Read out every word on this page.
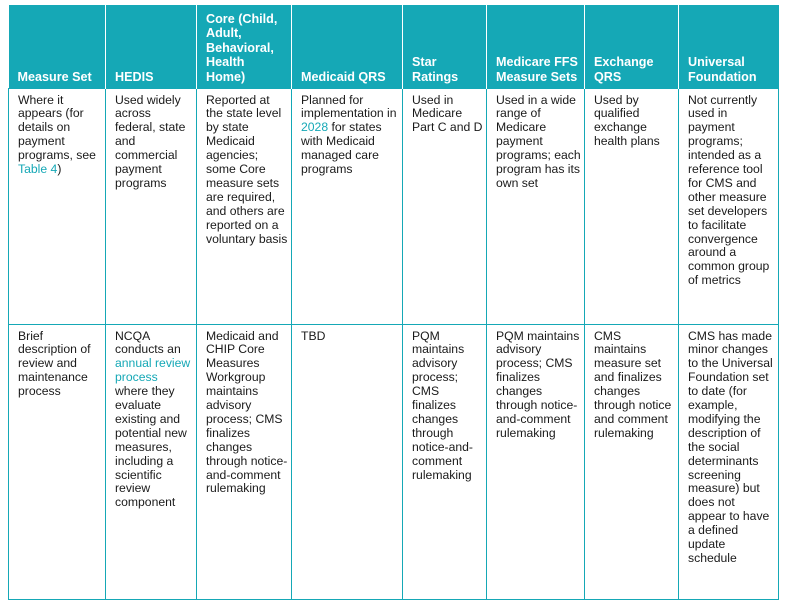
Measure Set	HEDIS	Core (Child, Adult, Behavioral, Health Home)	Medicaid QRS	Star Ratings	Medicare FFS Measure Sets	Exchange QRS	Universal Foundation
Where it appears (for details on payment programs, see Table 4)	Used widely across federal, state and commercial payment programs	Reported at the state level by state Medicaid agencies; some Core measure sets are required, and others are reported on a voluntary basis	Planned for implementation in 2028 for states with Medicaid managed care programs	Used in Medicare Part C and D	Used in a wide range of Medicare payment programs; each program has its own set	Used by qualified exchange health plans	Not currently used in payment programs; intended as a reference tool for CMS and other measure set developers to facilitate convergence around a common group of metrics
Brief description of review and maintenance process	NCQA conducts an annual review process where they evaluate existing and potential new measures, including a scientific review component	Medicaid and CHIP Core Measures Workgroup maintains advisory process; CMS finalizes changes through notice-and-comment rulemaking	TBD	PQM maintains advisory process; CMS finalizes changes through notice-and-comment rulemaking	PQM maintains advisory process; CMS finalizes changes through notice-and-comment rulemaking	CMS maintains measure set and finalizes changes through notice and comment rulemaking	CMS has made minor changes to the Universal Foundation set to date (for example, modifying the description of the social determinants screening measure) but does not appear to have a defined update schedule
